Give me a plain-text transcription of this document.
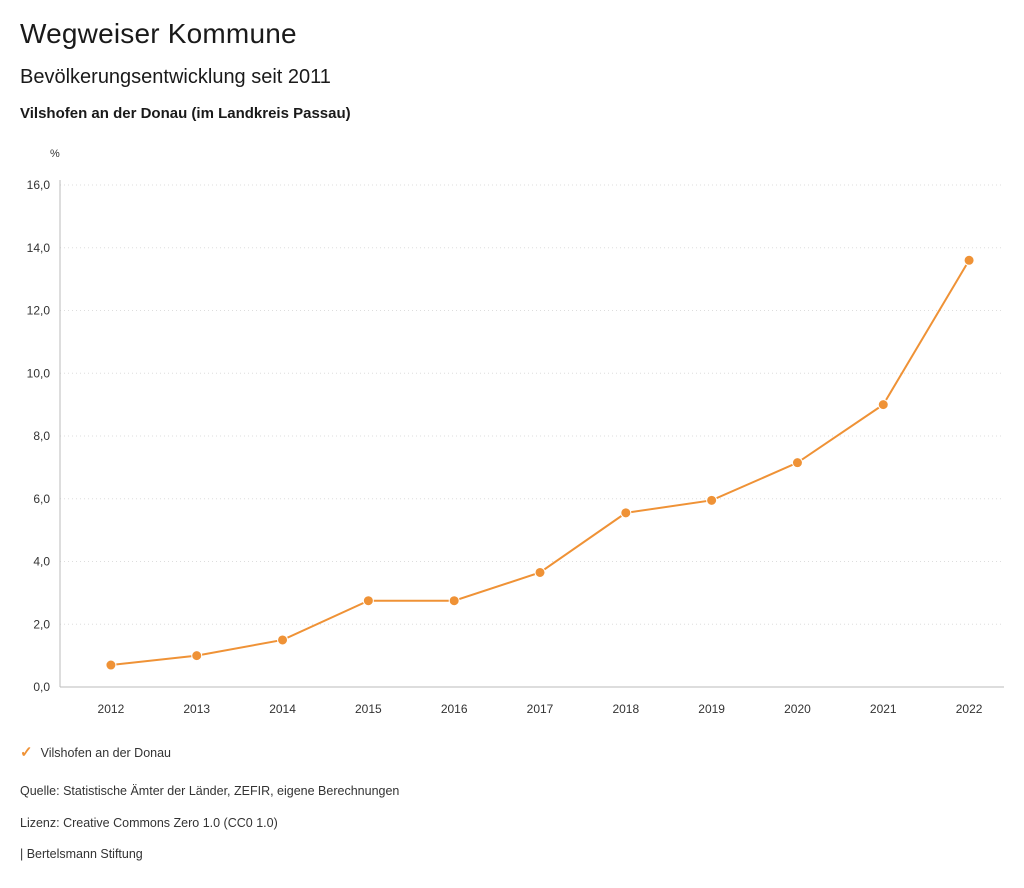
Wegweiser Kommune
Bevölkerungsentwicklung seit 2011
Vilshofen an der Donau (im Landkreis Passau)
%
0,0
2,0
4,0
6,0
8,0
10,0
12,0
14,0
16,0
2012	2013	2014	2015	2016	2017	2018	2019	2020	2021	2022
✓ Vilshofen an der Donau
Quelle: Statistische Ämter der Länder, ZEFIR, eigene Berechnungen
Lizenz: Creative Commons Zero 1.0 (CC0 1.0)
| Bertelsmann Stiftung
